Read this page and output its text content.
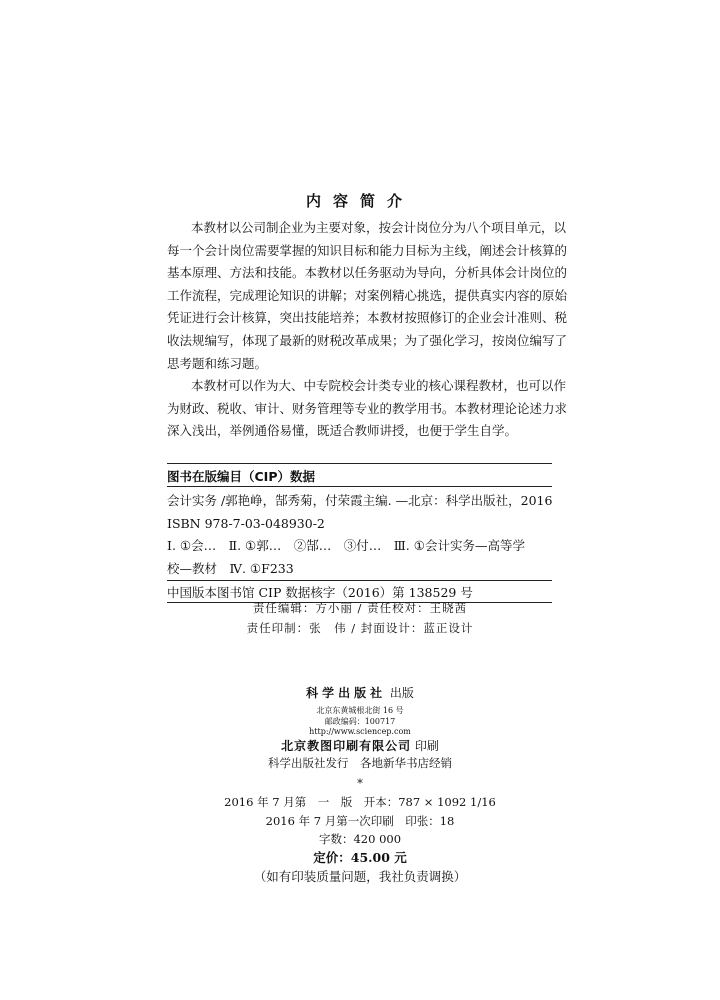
内容简介
本教材以公司制企业为主要对象，按会计岗位分为八个项目单元，以
每一个会计岗位需要掌握的知识目标和能力目标为主线，阐述会计核算的
基本原理、方法和技能。本教材以任务驱动为导向，分析具体会计岗位的
工作流程，完成理论知识的讲解；对案例精心挑选，提供真实内容的原始
凭证进行会计核算，突出技能培养；本教材按照修订的企业会计准则、税
收法规编写，体现了最新的财税改革成果；为了强化学习，按岗位编写了
思考题和练习题。
本教材可以作为大、中专院校会计类专业的核心课程教材，也可以作
为财政、税收、审计、财务管理等专业的教学用书。本教材理论论述力求
深入浅出，举例通俗易懂，既适合教师讲授，也便于学生自学。
图书在版编目（CIP）数据
会计实务 /郭艳峥，郜秀菊，付荣霞主编. —北京：科学出版社，2016
ISBN 978-7-03-048930-2
Ⅰ. ①会…　Ⅱ. ①郭…　②郜…　③付…　Ⅲ. ①会计实务—高等学
校—教材　Ⅳ. ①F233
中国版本图书馆 CIP 数据核字（2016）第 138529 号
责任编辑：方小丽 / 责任校对：王晓茜
责任印制：张　伟 / 封面设计：蓝正设计
科学出版社 出版
北京东黄城根北街 16 号
邮政编码：100717
http://www.sciencep.com
北京教图印刷有限公司 印刷
科学出版社发行　各地新华书店经销
*
2016 年 7 月第　一　版　开本：787 × 1092 1/16
2016 年 7 月第一次印刷　印张：18
字数：420 000
定价：45.00 元
（如有印装质量问题，我社负责调换）
